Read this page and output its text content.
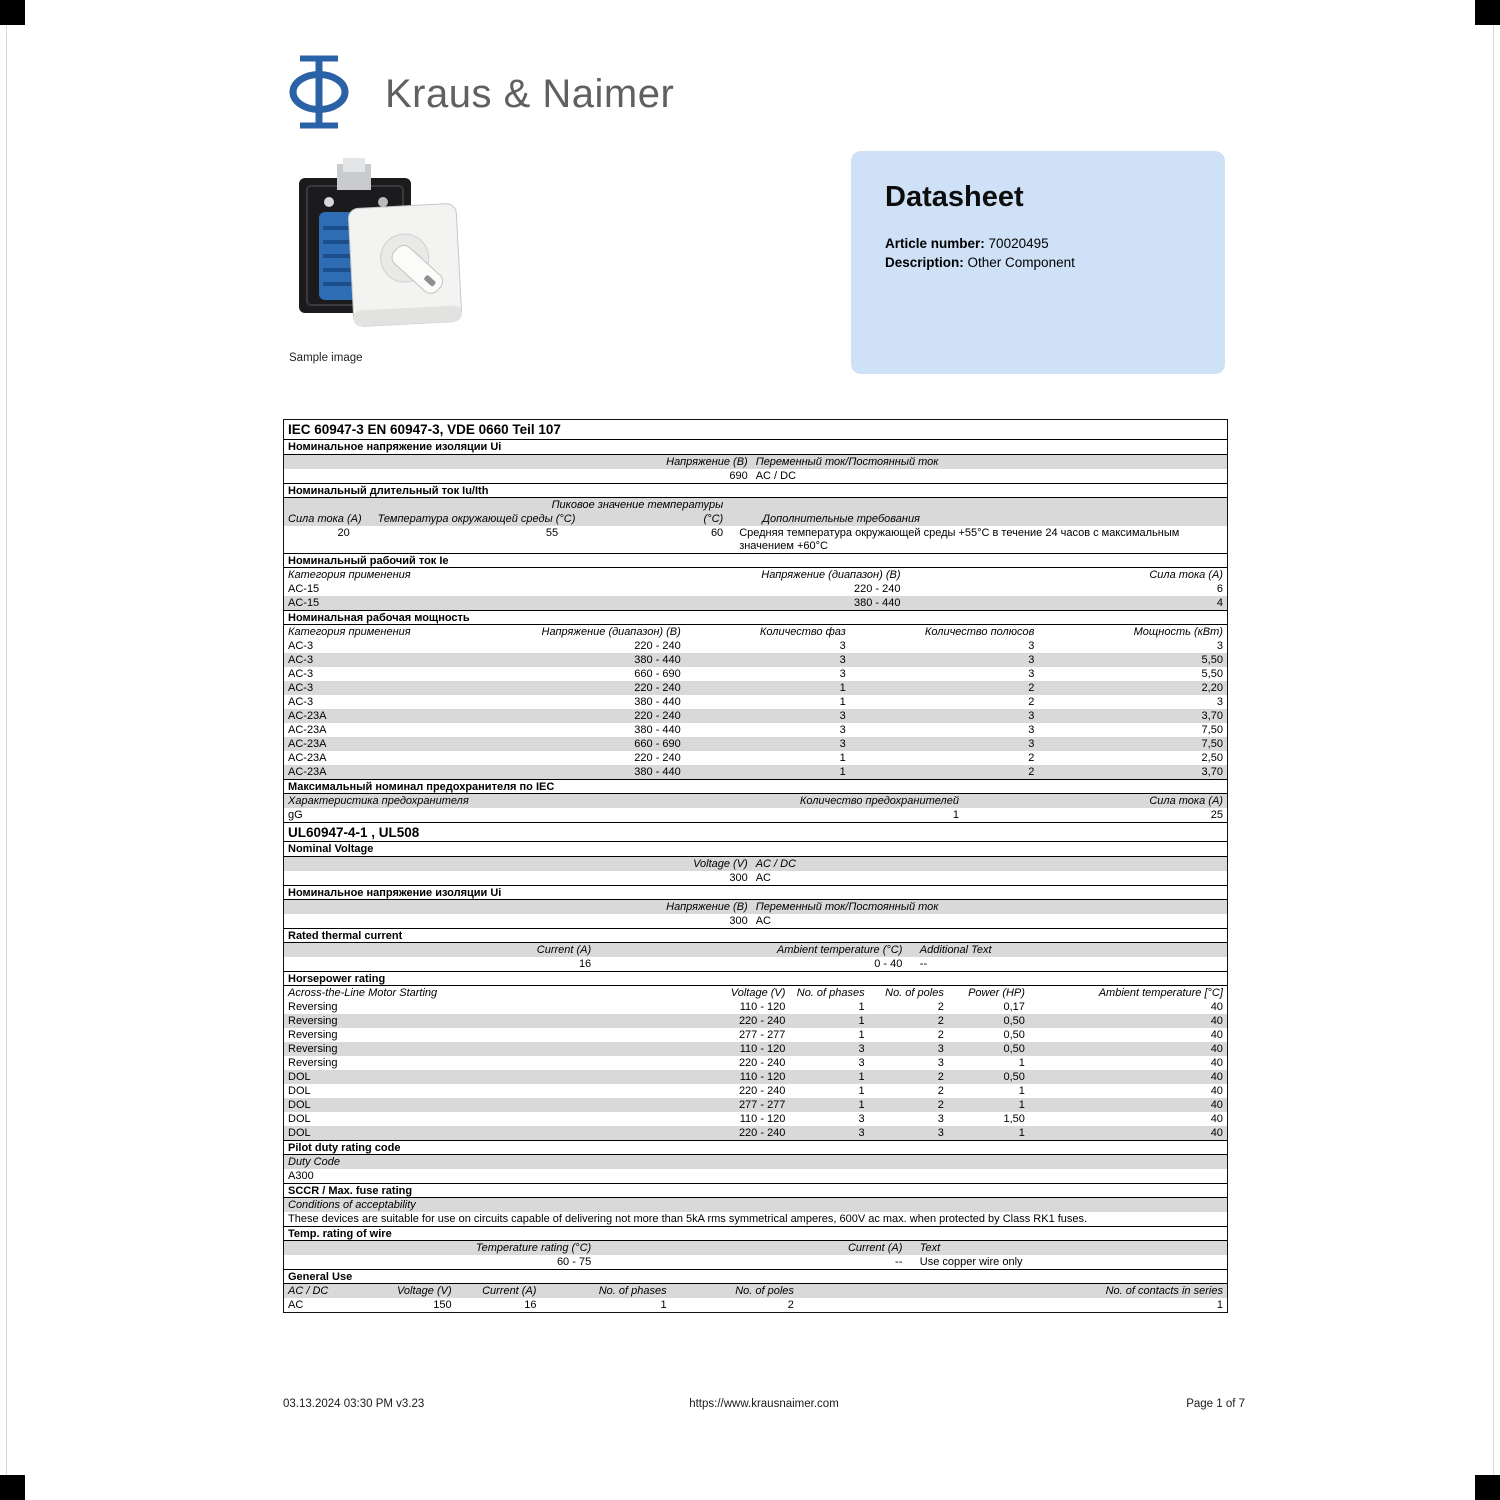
Kraus & Naimer
Sample image
Datasheet
Article number: 70020495
Description: Other Component
IEC 60947-3 EN 60947-3, VDE 0660 Teil 107
Номинальное напряжение изоляции Ui
Напряжение (В) Переменный ток/Постоянный ток
690 AC / DC
Номинальный длительный ток Iu/Ith
Пиковое значение температуры
Сила тока (A)	Температура окружающей среды (°C)	(°C)	Дополнительные требования
20	55	60	Средняя температура окружающей среды +55°C в течение 24 часов с максимальным значением +60°C
Номинальный рабочий ток Ie
Категория применения	Напряжение (диапазон) (В)	Сила тока (A)
AC-15	220 - 240	6
AC-15	380 - 440	4
Номинальная рабочая мощность
Категория применения	Напряжение (диапазон) (В)	Количество фаз	Количество полюсов	Мощность (кВт)
AC-3	220 - 240	3	3	3
AC-3	380 - 440	3	3	5,50
AC-3	660 - 690	3	3	5,50
AC-3	220 - 240	1	2	2,20
AC-3	380 - 440	1	2	3
AC-23A	220 - 240	3	3	3,70
AC-23A	380 - 440	3	3	7,50
AC-23A	660 - 690	3	3	7,50
AC-23A	220 - 240	1	2	2,50
AC-23A	380 - 440	1	2	3,70
Максимальный номинал предохранителя по IEC
Характеристика предохранителя	Количество предохранителей	Сила тока (A)
gG	1	25
UL60947-4-1 , UL508
Nominal Voltage
Voltage (V) AC / DC
300 AC
Номинальное напряжение изоляции Ui
Напряжение (В) Переменный ток/Постоянный ток
300 AC
Rated thermal current
Current (A)	Ambient temperature (°C)	Additional Text
16	0 - 40	--
Horsepower rating
Across-the-Line Motor Starting	Voltage (V)	No. of phases	No. of poles	Power (HP)	Ambient temperature [°C]
Reversing	110 - 120	1	2	0,17	40
Reversing	220 - 240	1	2	0,50	40
Reversing	277 - 277	1	2	0,50	40
Reversing	110 - 120	3	3	0,50	40
Reversing	220 - 240	3	3	1	40
DOL	110 - 120	1	2	0,50	40
DOL	220 - 240	1	2	1	40
DOL	277 - 277	1	2	1	40
DOL	110 - 120	3	3	1,50	40
DOL	220 - 240	3	3	1	40
Pilot duty rating code
Duty Code
A300
SCCR / Max. fuse rating
Conditions of acceptability
These devices are suitable for use on circuits capable of delivering not more than 5kA rms symmetrical amperes, 600V ac max. when protected by Class RK1 fuses.
Temp. rating of wire
Temperature rating (°C)	Current (A)	Text
60 - 75	--	Use copper wire only
General Use
AC / DC	Voltage (V)	Current (A)	No. of phases	No. of poles	No. of contacts in series
AC	150	16	1	2	1
03.13.2024 03:30 PM v3.23	https://www.krausnaimer.com	Page 1 of 7
